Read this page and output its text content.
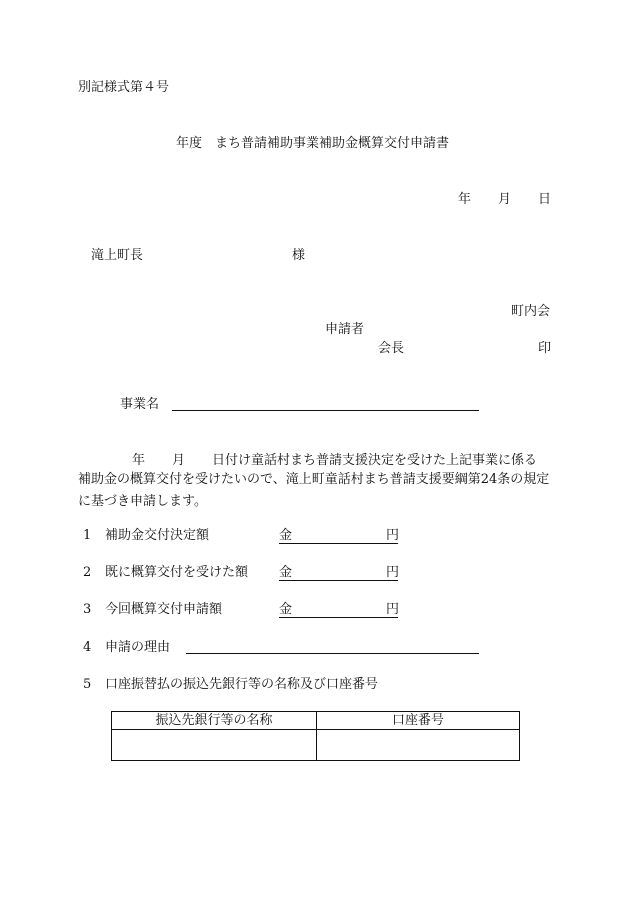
別記様式第４号
年度　まち普請補助事業補助金概算交付申請書
年 月 日
滝上町長	様
町内会
申請者
会長	印
事業名
年 月 日付け童話村まち普請支援決定を受けた上記事業に係る
補助金の概算交付を受けたいので、滝上町童話村まち普請支援要綱第24条の規定に基づき申請します。
1 補助金交付決定額	金	円
2 既に概算交付を受けた額 金	円
3 今回概算交付申請額	金	円
4 申請の理由
5 口座振替払の振込先銀行等の名称及び口座番号
振込先銀行等の名称	口座番号
